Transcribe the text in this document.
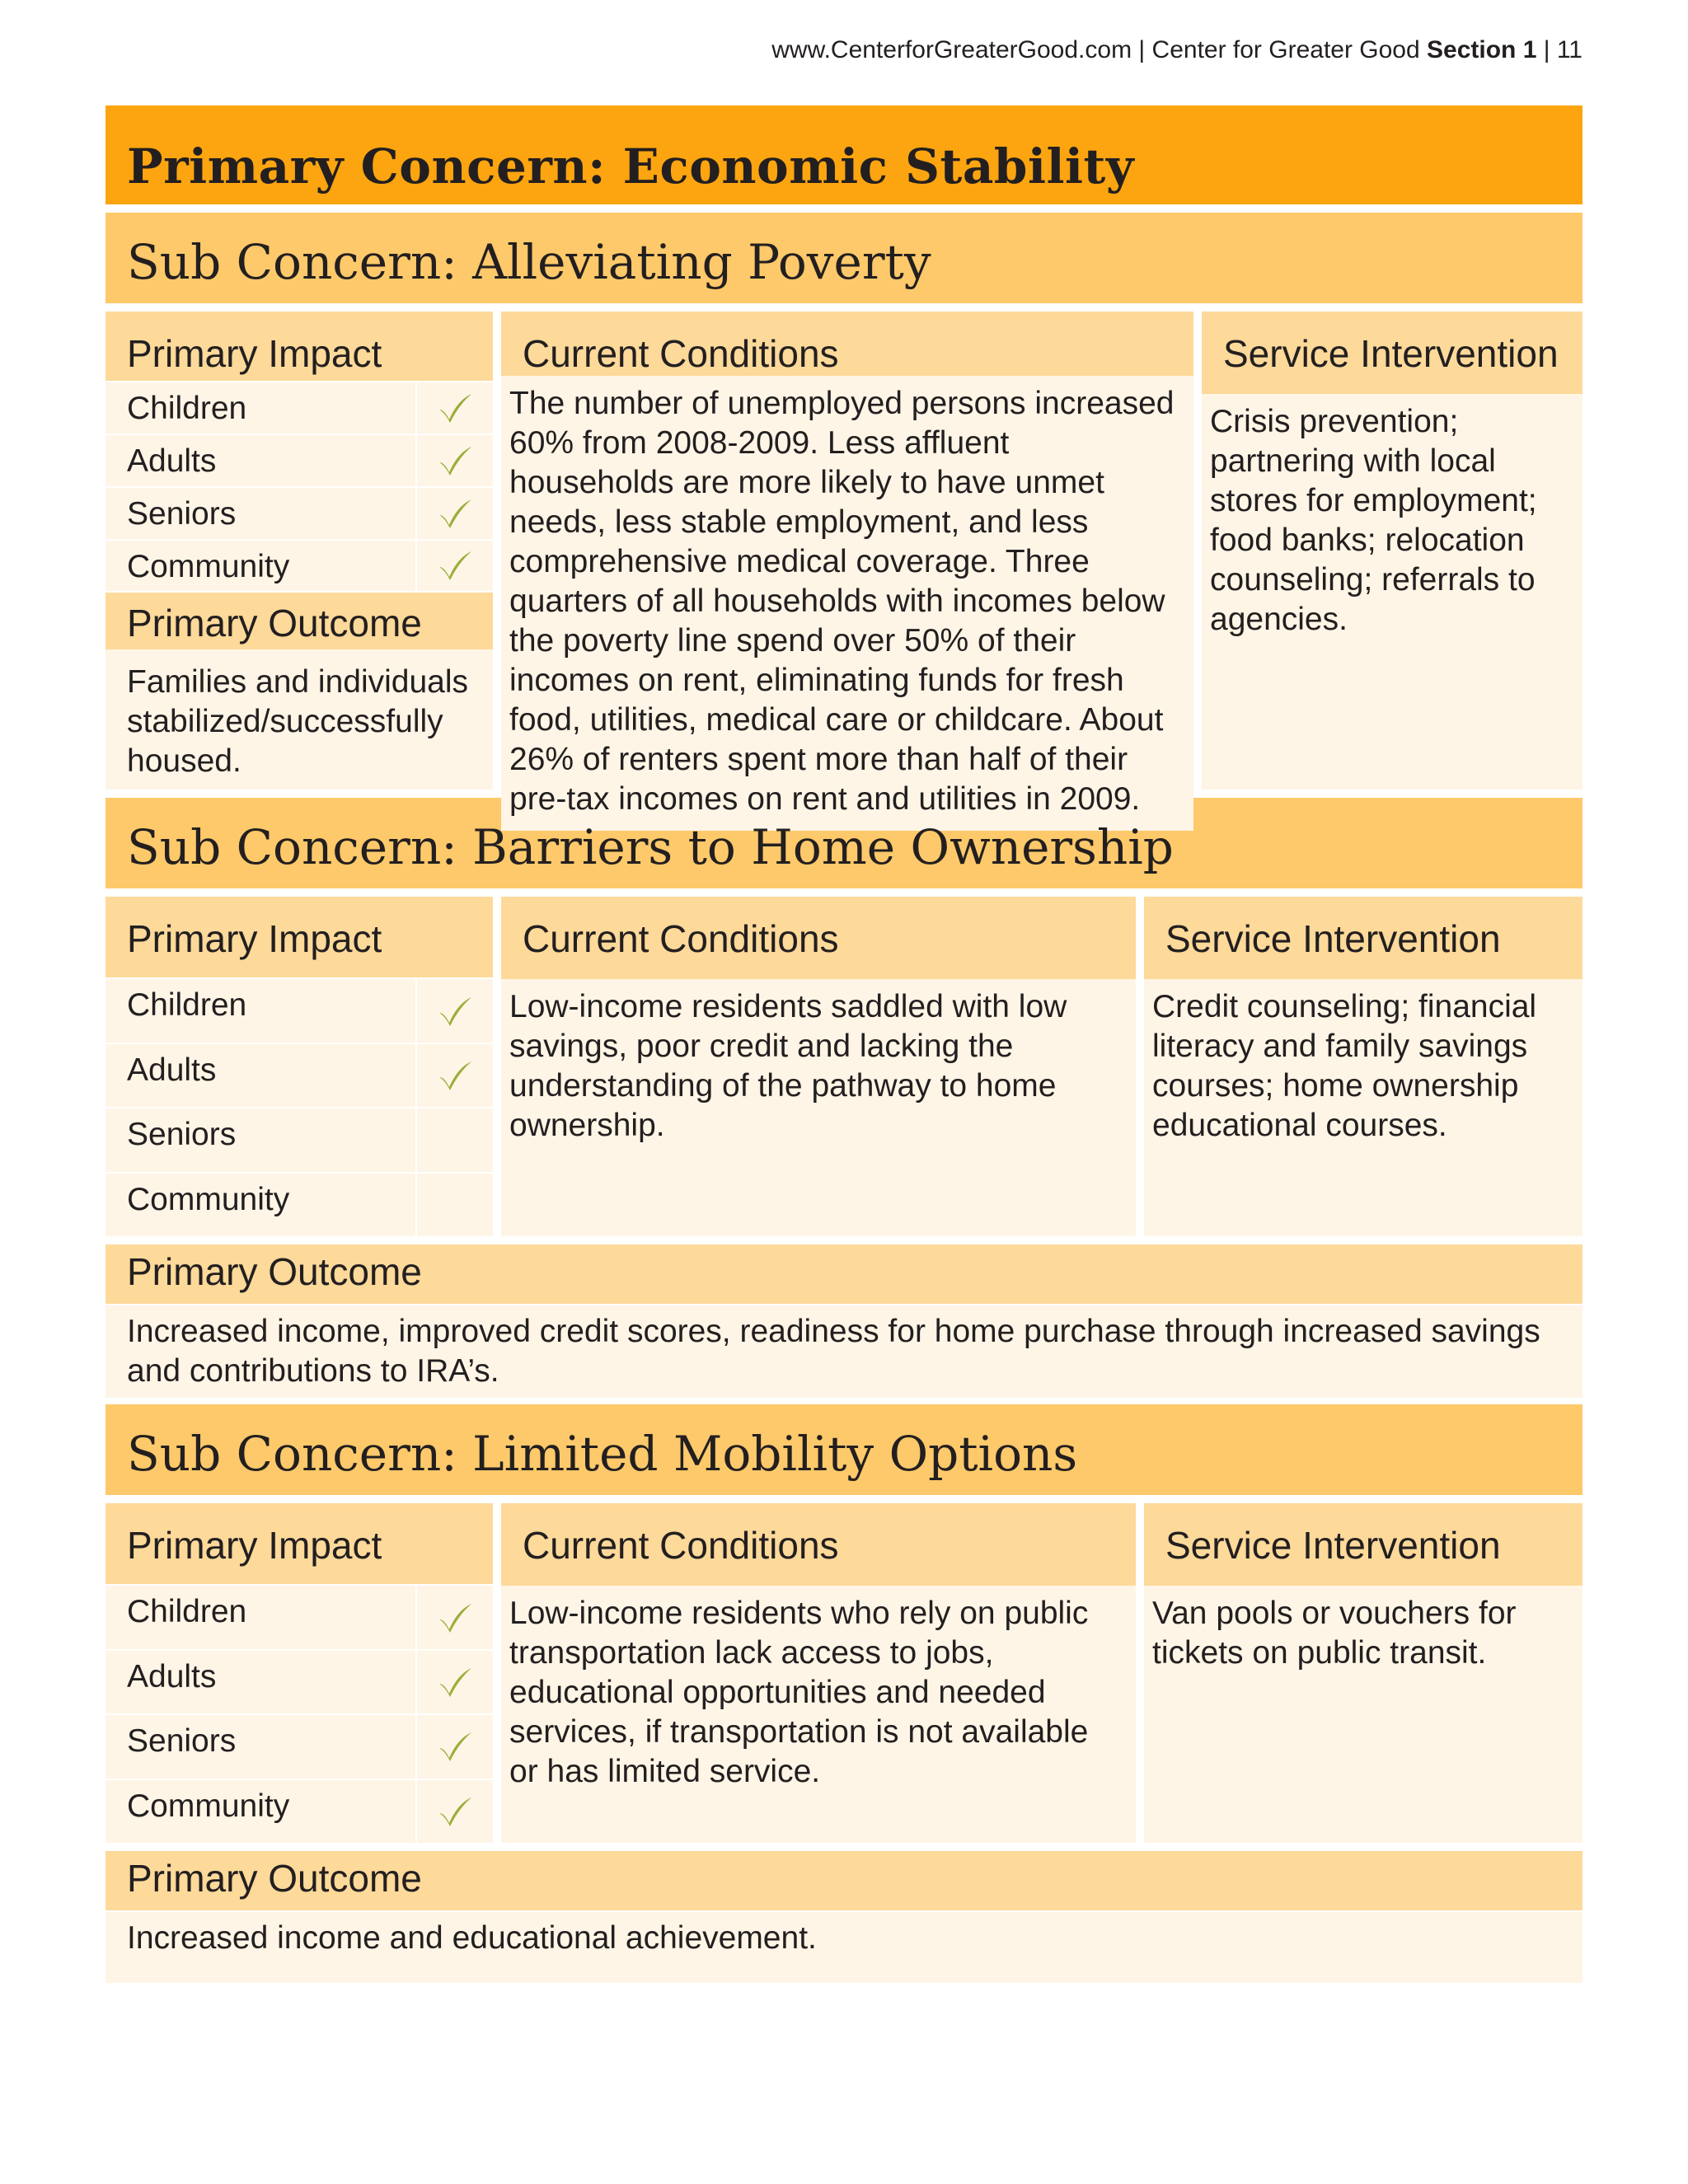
www.CenterforGreaterGood.com | Center for Greater Good Section 1 | 11
Primary Concern: Economic Stability
Sub Concern: Alleviating Poverty
Primary Impact
Children
Adults
Seniors
Community
Primary Outcome
Families and individuals stabilized/successfully housed.
Current Conditions
The number of unemployed persons increased 60% from 2008-2009. Less affluent households are more likely to have unmet needs, less stable employment, and less comprehensive medical coverage. Three quarters of all households with incomes below the poverty line spend over 50% of their incomes on rent, eliminating funds for fresh food, utilities, medical care or childcare. About 26% of renters spent more than half of their pre-tax incomes on rent and utilities in 2009.
Service Intervention
Crisis prevention; partnering with local stores for employment; food banks; relocation counseling; referrals to agencies.
Sub Concern: Barriers to Home Ownership
Primary Impact
Children
Adults
Seniors
Community
Current Conditions
Low-income residents saddled with low savings, poor credit and lacking the understanding of the pathway to home ownership.
Service Intervention
Credit counseling; financial literacy and family savings courses; home ownership educational courses.
Primary Outcome
Increased income, improved credit scores, readiness for home purchase through increased savings and contributions to IRA’s.
Sub Concern: Limited Mobility Options
Primary Impact
Children
Adults
Seniors
Community
Current Conditions
Low-income residents who rely on public transportation lack access to jobs, educational opportunities and needed services, if transportation is not available or has limited service.
Service Intervention
Van pools or vouchers for tickets on public transit.
Primary Outcome
Increased income and educational achievement.
